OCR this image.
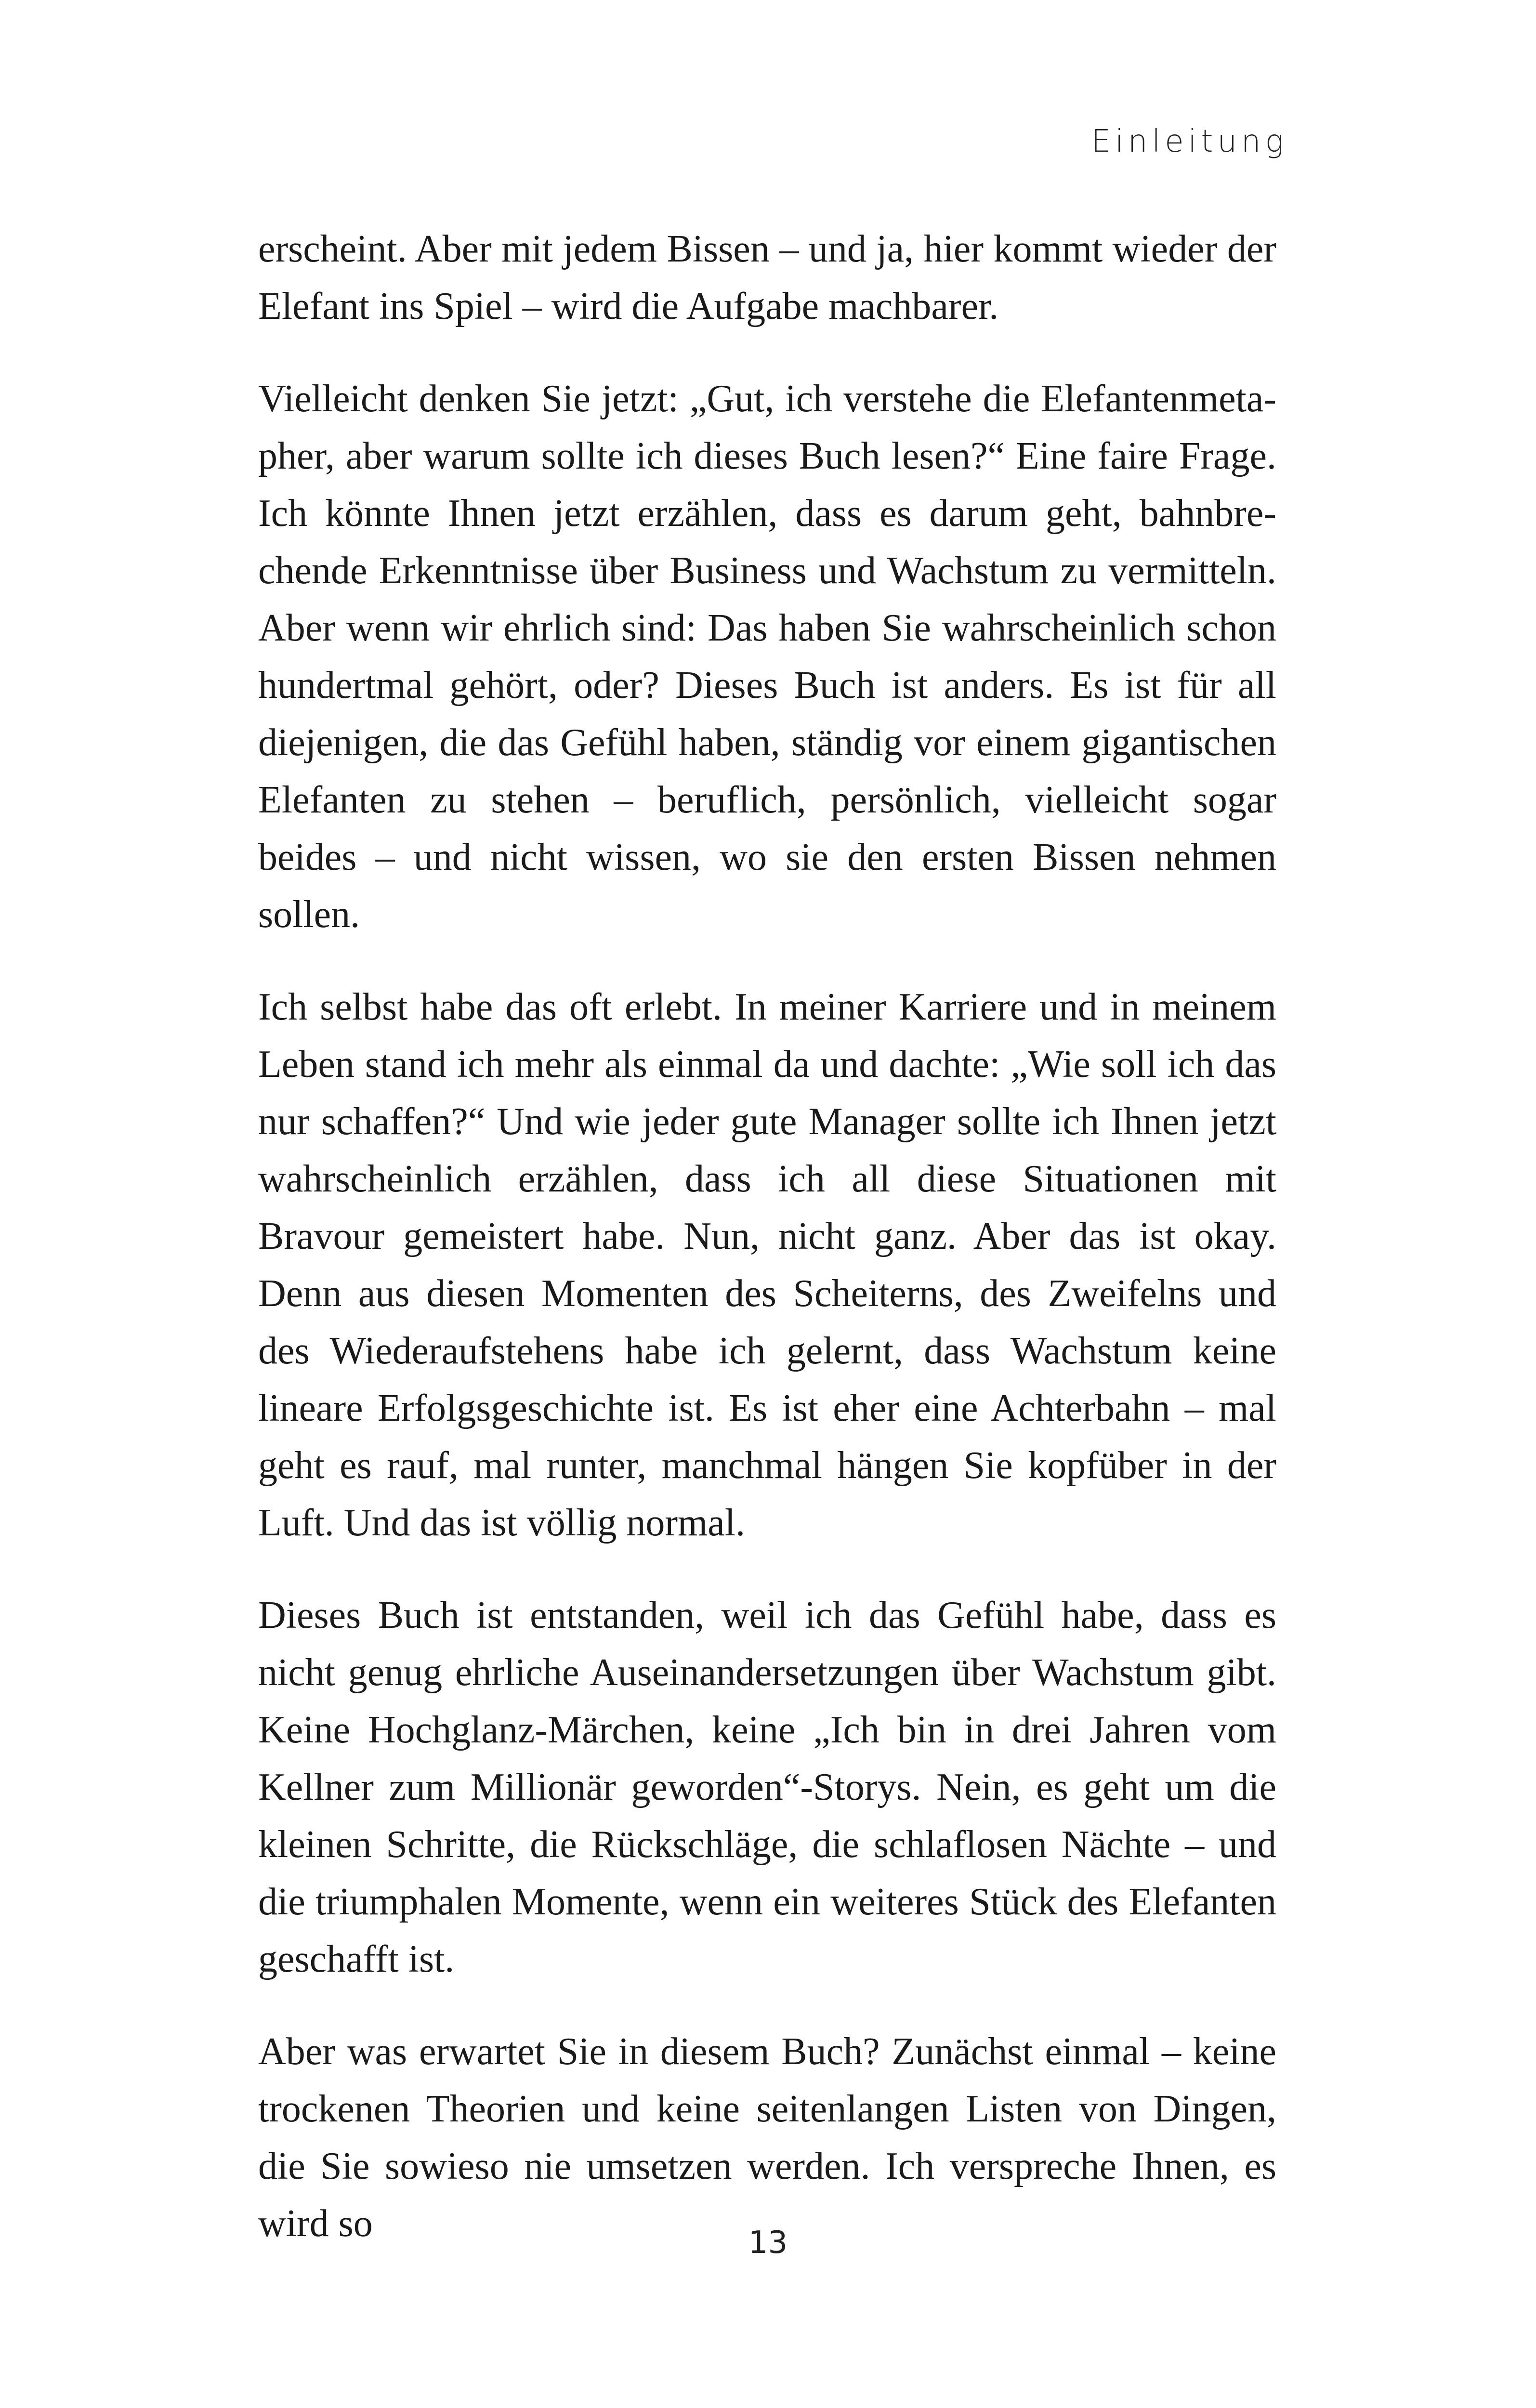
Einleitung

erscheint. Aber mit jedem Bissen – und ja, hier kommt wieder der Elefant ins Spiel – wird die Aufgabe machbarer.

Vielleicht denken Sie jetzt: „Gut, ich verstehe die Elefantenmetapher, aber warum sollte ich dieses Buch lesen?“ Eine faire Frage. Ich könnte Ihnen jetzt erzählen, dass es darum geht, bahnbrechende Erkenntnisse über Business und Wachstum zu vermitteln. Aber wenn wir ehrlich sind: Das haben Sie wahrscheinlich schon hundertmal gehört, oder? Dieses Buch ist anders. Es ist für all diejenigen, die das Gefühl haben, ständig vor einem gigantischen Elefanten zu stehen – beruflich, persönlich, vielleicht sogar beides – und nicht wissen, wo sie den ersten Bissen nehmen sollen.

Ich selbst habe das oft erlebt. In meiner Karriere und in meinem Leben stand ich mehr als einmal da und dachte: „Wie soll ich das nur schaffen?“ Und wie jeder gute Manager sollte ich Ihnen jetzt wahrscheinlich erzählen, dass ich all diese Situationen mit Bravour gemeistert habe. Nun, nicht ganz. Aber das ist okay. Denn aus diesen Momenten des Scheiterns, des Zweifelns und des Wiederaufstehens habe ich gelernt, dass Wachstum keine lineare Erfolgsgeschichte ist. Es ist eher eine Achterbahn – mal geht es rauf, mal runter, manchmal hängen Sie kopfüber in der Luft. Und das ist völlig normal.

Dieses Buch ist entstanden, weil ich das Gefühl habe, dass es nicht genug ehrliche Auseinandersetzungen über Wachstum gibt. Keine Hochglanz-Märchen, keine „Ich bin in drei Jahren vom Kellner zum Millionär geworden“-Storys. Nein, es geht um die kleinen Schritte, die Rückschläge, die schlaflosen Nächte – und die triumphalen Momente, wenn ein weiteres Stück des Elefanten geschafft ist.

Aber was erwartet Sie in diesem Buch? Zunächst einmal – keine trockenen Theorien und keine seitenlangen Listen von Dingen, die Sie sowieso nie umsetzen werden. Ich verspreche Ihnen, es wird so	13
